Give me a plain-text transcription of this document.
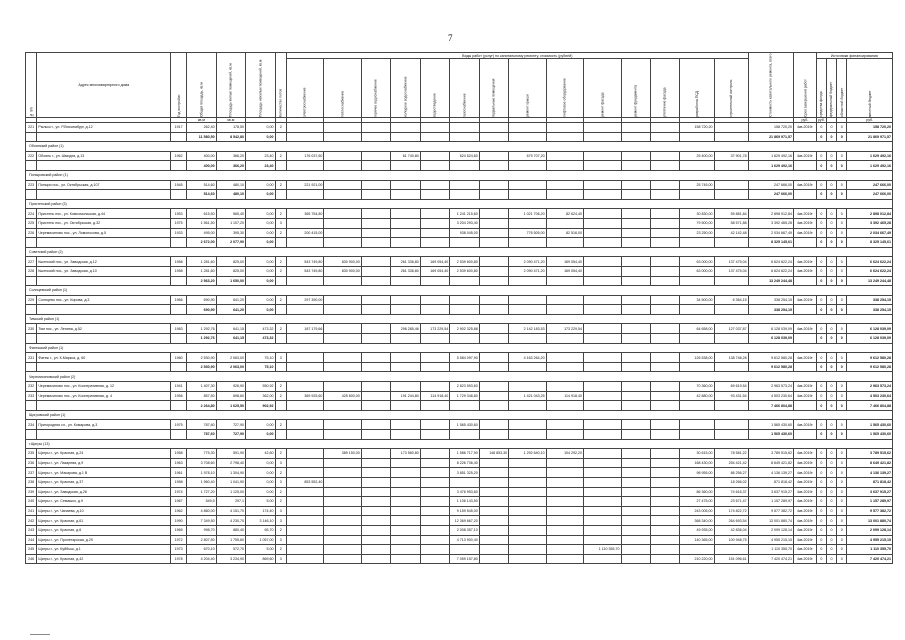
7
№ п/п	Адрес многоквартирного дома	Год постройки	Общая площадь, кв.м	Площадь жилых помещений, кв.м	Площадь нежилых помещений, кв.м	Количество лотов	Виды работ (услуг) по капитальному ремонту, стоимость (рублей)														Стоимость капитального ремонта, всего	Срок завершения работ	Источники финансирования			
							электроснабжение	теплоснабжение	горячее водоснабжение	холодное водоснабжение	водоотведение	газоснабжение	подвальные помещения	ремонт крыши	лифтовое оборудование	ремонт фасада	ремонт фундамента	утепление фасада	разработка ПСД	строительный контроль			средства фонда	федеральный бюджет	областной бюджет	местный бюджет

			кв.м	кв.м																		руб.	руб.			руб.
221	Рыльск г., ул. Р.Люксембург, д.12	1917	262,40	178,50	0,00	2													158 720,20		158 720,20	4кв.2019г	0	0	0	158 720,20
			11 580,50	8 542,80	0,00																21 869 971,57		0	0	0	21 869 971,57
Обоянский район (1)																										
222	Обоянь г., ул. Шмидта, д.13	1962	400,00	366,20	23,40	2	176 037,60			61 740,80		624 524,60		679 707,20					25 400,00	37 901,78	1 629 492,16	4кв.2019г	0	0	0	1 629 492,16
			400,00	366,20	23,40																1 629 492,16		0	0	0	1 629 492,16
Поныровский район (1)																										
223	Поныри пос., ул. Октябрьская, д.107	1945	514,60	480,10	0,00	2	221 921,00												25 745,00		247 666,00	4кв.2019г	0	0	0	247 666,00
			514,60	480,10	0,00																247 666,00		0	0	0	247 666,00
Пристенский район (3)																										
224	Пристень пос., ул. Комсомольская, д.44	1953	615,50	565,40	0,00	2	365 754,80					1 241 215,60		1 021 706,20	82 624,40				30 830,00	55 881,84	2 898 012,84	4кв.2019г	0	0	0	2 898 012,84
225	Пристень пос., ул. Октябрьская, д.32	1975	1 561,50	1 107,20	0,00	3						3 204 293,40							79 500,00	58 571,88	3 392 465,28	4кв.2019г	0	0	0	3 392 465,28
226	Черемисиново пос., ул. Ломоносова, д.5	1933	495,00	395,30	0,00	2	200 415,00					938 045,00		776 505,00	82 516,00				23 250,00	42 142,48	2 034 667,49	4кв.2019г	0	0	0	2 034 667,49
			2 672,00	2 077,90	0,00																8 325 145,61		0	0	0	8 325 145,61
Советский район (2)																										
227	Кшенский пос., ул. Заводская, д.12	1958	1 281,60	825,00	0,00	2	543 749,80	830 900,00		261 336,80	169 054,40	2 539 600,80		2 090 471,20	169 054,40				63 000,00	137 475,04	6 624 622,24	4кв.2019г	0	0	0	6 624 622,24
228	Кшенский пос., ул. Заводская, д.10	1958	1 281,60	825,00	0,00	2	543 749,80	830 900,00		261 336,80	169 054,40	2 539 600,80		2 090 471,20	169 054,40				63 000,00	137 475,04	6 624 622,24	4кв.2019г	0	0	0	6 624 622,24
			2 563,20	1 650,00	0,00																13 249 244,48		0	0	0	13 249 244,48
Солнцевский район (1)																										
229	Солнцево пос., ул. Кирова, д.3	1966	690,90	641,20	0,00	2	297 390,00												34 500,00	6 364,15	338 254,15	4кв.2019г	0	0	0	338 254,15
			690,90	641,20	0,00																338 254,15		0	0	0	338 254,15
Тимский район (1)																										
230	Тим пос., ул. Ленина, д.52	1983	1 292,76	641,15	473,32	2	187 179,66			298 285,46	173 229,54	2 902 325,88		2 142 183,53	173 229,54				64 658,00	127 037,87	6 128 039,09	4кв.2019г	0	0	0	6 128 039,09
			1 292,76	641,15	473,32																6 128 039,09		0	0	0	6 128 039,09
Фатежский район (1)																										
231	Фатеж г., ул. К.Маркса, д. 60	1980	2 530,90	2 063,00	75,10	3						5 584 097,90		4 163 264,20					126 538,00	138 748,28	9 612 580,28	4кв.2019г	0	0	0	9 612 580,28
			2 530,90	2 063,00	75,10																9 612 580,28		0	0	0	9 612 580,28
Черемисиновский район (2)																										
232	Черемисиново пос., ул. Кооперативная, д. 12	1941	1 407,30	926,90	550,92	2						2 823 593,60							70 360,00	69 619,54	2 963 573,24	4кв.2019г	0	0	0	2 963 573,24
233	Черемисиново пос., ул. Кооперативная, д. 4	1956	857,50	698,60	362,00	2	369 925,60	425 600,00		191 244,80	114 918,40	1 729 348,80		1 421 043,25	114 918,40				42 880,00	93 431,54	4 503 230,64	4кв.2019г	0	0	0	4 503 230,64
			2 264,80	1 625,50	902,92																7 466 804,88		0	0	0	7 466 804,88
Щигровский район (1)																										
234	Пригородняя сл., ул. Комарова, д.3	1975	787,60	727,90	0,00	2						1 565 430,60									1 565 430,60	4кв.2019г	0	0	0	1 565 430,60
			787,60	727,90	0,00																1 565 430,60		0	0	0	1 565 430,60
г.Щигры (13)																										
235	Щигры г., ул. Красная, д.24	1958	775,30	591,90	42,60	2		389 150,00		173 560,80		1 586 717,90	148 853,30	1 292 640,10	104 292,20				30 615,00	78 581,22	3 789 515,62	4кв.2019г	0	0	0	3 789 515,62
236	Щигры г., ул. Лазарева, д.9	1963	3 708,60	2 798,40	0,00	3						8 226 736,40							168 430,00	254 421,42	8 649 421,82	4кв.2019г	0	0	0	8 649 421,82
237	Щигры г., ул. Макарова, д.1 В	1961	1 978,10	1 304,90	0,00	2						3 851 325,20							98 955,00	86 256,27	4 136 139,27	4кв.2019г	0	0	0	4 136 139,27
238	Щигры г., ул. Красная, д.37	1958	1 960,40	1 041,90	0,00	3	853 552,40													18 266,02	871 818,42	4кв.2019г	0	0	0	871 818,42
239	Щигры г., ул. Заводская, д.26	1974	1 727,20	1 125,00	0,00	2						3 476 953,60							86 360,00	74 616,37	3 637 915,27	4кв.2019г	0	0	0	3 637 915,27
240	Щигры г., ул. Семашко, д.9	1967	549,5	297,1	5,00	2						1 106 143,50							27 475,00	23 671,47	1 157 289,97	4кв.2019г	0	0	0	1 157 289,97
241	Щигры г., ул. Чапаева, д.10	1962	4 860,00	4 151,70	174,40	3						9 159 545,00							243 005,00	174 822,72	9 577 382,72	4кв.2019г	0	0	0	9 577 382,72
242	Щигры г., ул. Красная, д.61	1990	7 349,50	4 230,70	3 146,10	3						12 369 667,20							368 340,00	264 693,54	13 001 880,74	4кв.2019г	0	0	0	13 001 880,74
243	Щигры г., ул. Красная, д.6	1965	998,70	880,40	65,70	2						2 008 357,10							49 935,00	42 836,04	2 099 128,14	4кв.2019г	0	0	0	2 099 128,14
244	Щигры г., ул. Пролетарская, д.29	1972	2 807,50	1 755,60	1 057,00	3						4 713 900,40							140 365,00	100 948,75	4 955 215,15	4кв.2019г	0	0	0	4 955 215,15
245	Щигры г., ул. Куйбыш, д.1	1973	670,10	572,70	5,00	2										1 110 355,70					1 110 355,70	4кв.2019г	0	0	0	1 110 355,70
246	Щигры г., ул. Красная, д.42	1978	4 204,40	3 234,90	869,60	3						7 059 157,80							210 220,00	151 096,61	7 420 474,21	4кв.2019г	0	0	0	7 420 474,21
